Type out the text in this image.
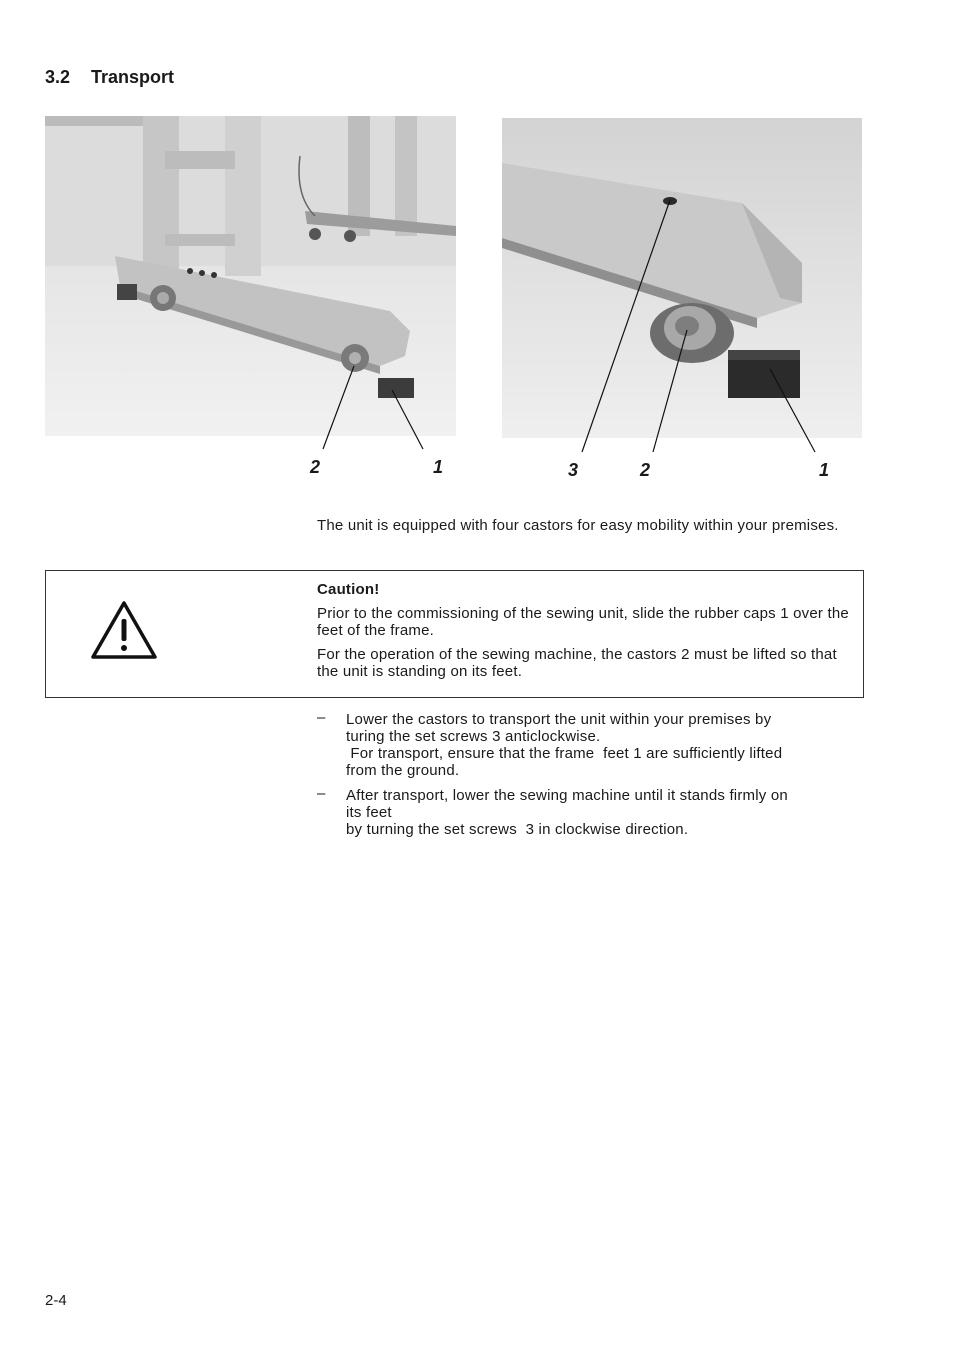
3.2 Transport
2	1	3	2	1
The unit is equipped with four castors for easy mobility within your premises.

Caution!

Prior to the commissioning of the sewing unit, slide the rubber caps 1 over the feet of the frame.

For the operation of the sewing machine, the castors 2 must be lifted so that the unit is standing on its feet.

– Lower the castors to transport the unit within your premises by
turing the set screws 3 anticlockwise.
For transport, ensure that the frame  feet 1 are sufficiently lifted
from the ground.
– After transport, lower the sewing machine until it stands firmly on
its feet
by turning the set screws  3 in clockwise direction.
2-4
